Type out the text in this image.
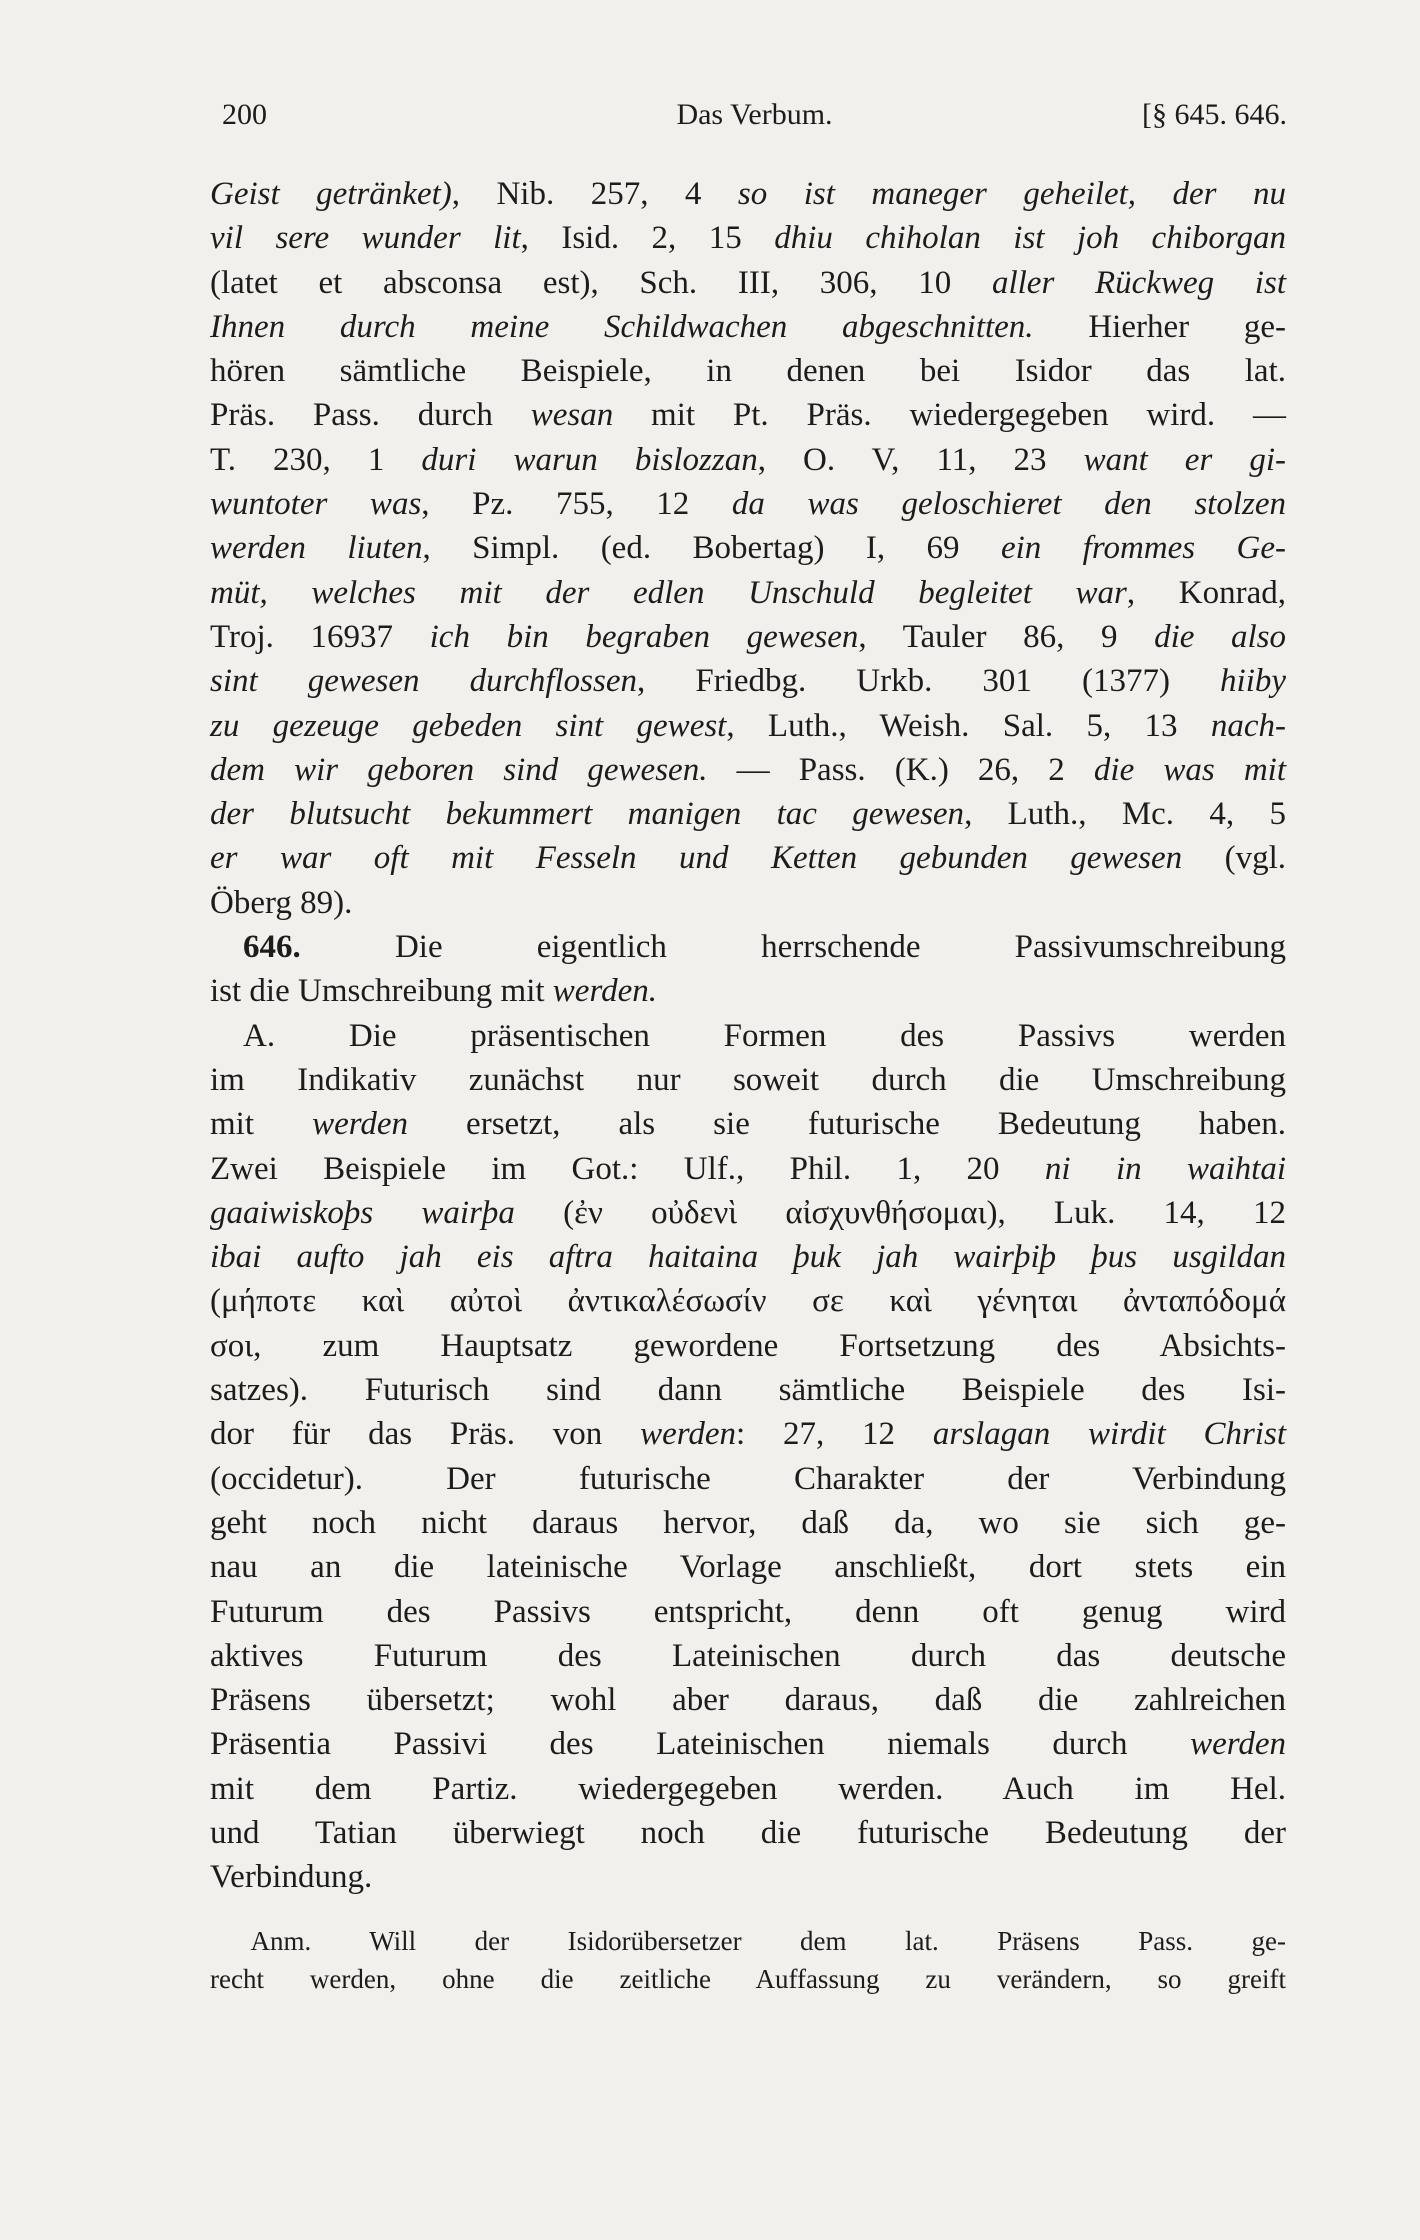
200	Das Verbum.	[§ 645. 646.
Geist getränket), Nib. 257, 4 so ist maneger geheilet, der nu
vil sere wunder lit, Isid. 2, 15 dhiu chiholan ist joh chiborgan
(latet et absconsa est), Sch. III, 306, 10 aller Rückweg ist
Ihnen durch meine Schildwachen abgeschnitten. Hierher ge-
hören sämtliche Beispiele, in denen bei Isidor das lat.
Präs. Pass. durch wesan mit Pt. Präs. wiedergegeben wird. —
T. 230, 1 duri warun bislozzan, O. V, 11, 23 want er gi-
wuntoter was, Pz. 755, 12 da was geloschieret den stolzen
werden liuten, Simpl. (ed. Bobertag) I, 69 ein frommes Ge-
müt, welches mit der edlen Unschuld begleitet war, Konrad,
Troj. 16937 ich bin begraben gewesen, Tauler 86, 9 die also
sint gewesen durchflossen, Friedbg. Urkb. 301 (1377) hiiby
zu gezeuge gebeden sint gewest, Luth., Weish. Sal. 5, 13 nach-
dem wir geboren sind gewesen. — Pass. (K.) 26, 2 die was mit
der blutsucht bekummert manigen tac gewesen, Luth., Mc. 4, 5
er war oft mit Fesseln und Ketten gebunden gewesen (vgl.
Öberg 89).
 646. Die eigentlich herrschende Passivumschreibung
ist die Umschreibung mit werden.
 A. Die präsentischen Formen des Passivs werden
im Indikativ zunächst nur soweit durch die Umschreibung
mit werden ersetzt, als sie futurische Bedeutung haben.
Zwei Beispiele im Got.: Ulf., Phil. 1, 20 ni in waihtai
gaaiwiskoþs wairþa (ἐν οὐδενὶ αἰσχυνθήσομαι), Luk. 14, 12
ibai aufto jah eis aftra haitaina þuk jah wairþiþ þus usgildan
(μήποτε καὶ αὐτοὶ ἀντικαλέσωσίν σε καὶ γένηται ἀνταπόδομά
σοι, zum Hauptsatz gewordene Fortsetzung des Absichts-
satzes). Futurisch sind dann sämtliche Beispiele des Isi-
dor für das Präs. von werden: 27, 12 arslagan wirdit Christ
(occidetur). Der futurische Charakter der Verbindung
geht noch nicht daraus hervor, daß da, wo sie sich ge-
nau an die lateinische Vorlage anschließt, dort stets ein
Futurum des Passivs entspricht, denn oft genug wird
aktives Futurum des Lateinischen durch das deutsche
Präsens übersetzt; wohl aber daraus, daß die zahlreichen
Präsentia Passivi des Lateinischen niemals durch werden
mit dem Partiz. wiedergegeben werden. Auch im Hel.
und Tatian überwiegt noch die futurische Bedeutung der
Verbindung.
  Anm. Will der Isidorübersetzer dem lat. Präsens Pass. ge-
recht werden, ohne die zeitliche Auffassung zu verändern, so greift
